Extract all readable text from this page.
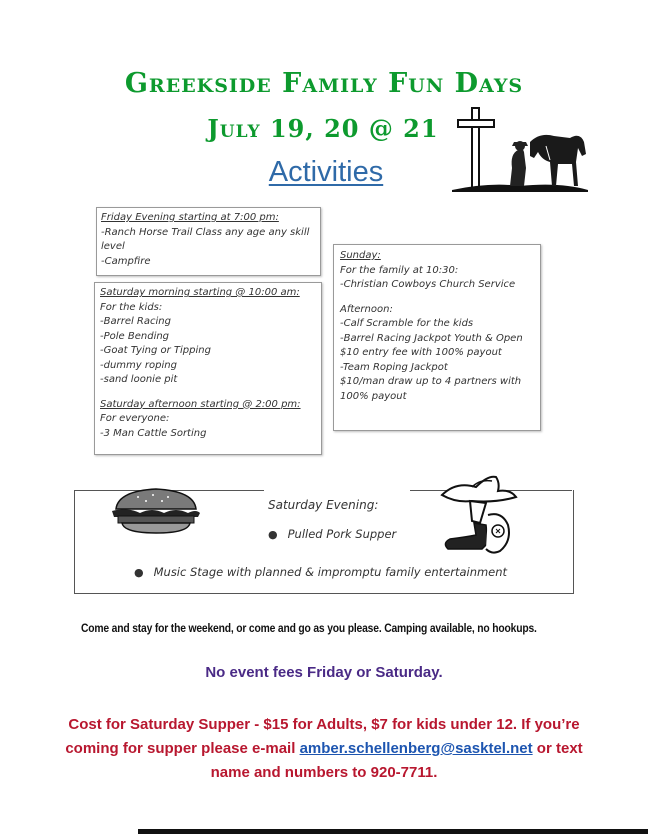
Greekside Family Fun Days
July 19, 20 @ 21
Activities
Friday Evening starting at 7:00 pm:
-Ranch Horse Trail Class any age any skill
level
-Campfire
Saturday morning starting @ 10:00 am:
For the kids:
-Barrel Racing
-Pole Bending
-Goat Tying or Tipping
-dummy roping
-sand loonie pit
Saturday afternoon starting @ 2:00 pm:
For everyone:
-3 Man Cattle Sorting
Sunday:
For the family at 10:30:
-Christian Cowboys Church Service
Afternoon:
-Calf Scramble for the kids
-Barrel Racing Jackpot Youth & Open
$10 entry fee with 100% payout
-Team Roping Jackpot
$10/man draw up to 4 partners with
100% payout
Saturday Evening:
● Pulled Pork Supper
● Music Stage with planned & impromptu family entertainment
Come and stay for the weekend, or come and go as you please. Camping available, no hookups.
No event fees Friday or Saturday.
Cost for Saturday Supper - $15 for Adults, $7 for kids under 12. If you’re
coming for supper please e-mail amber.schellenberg@sasktel.net or text
name and numbers to 920-7711.
